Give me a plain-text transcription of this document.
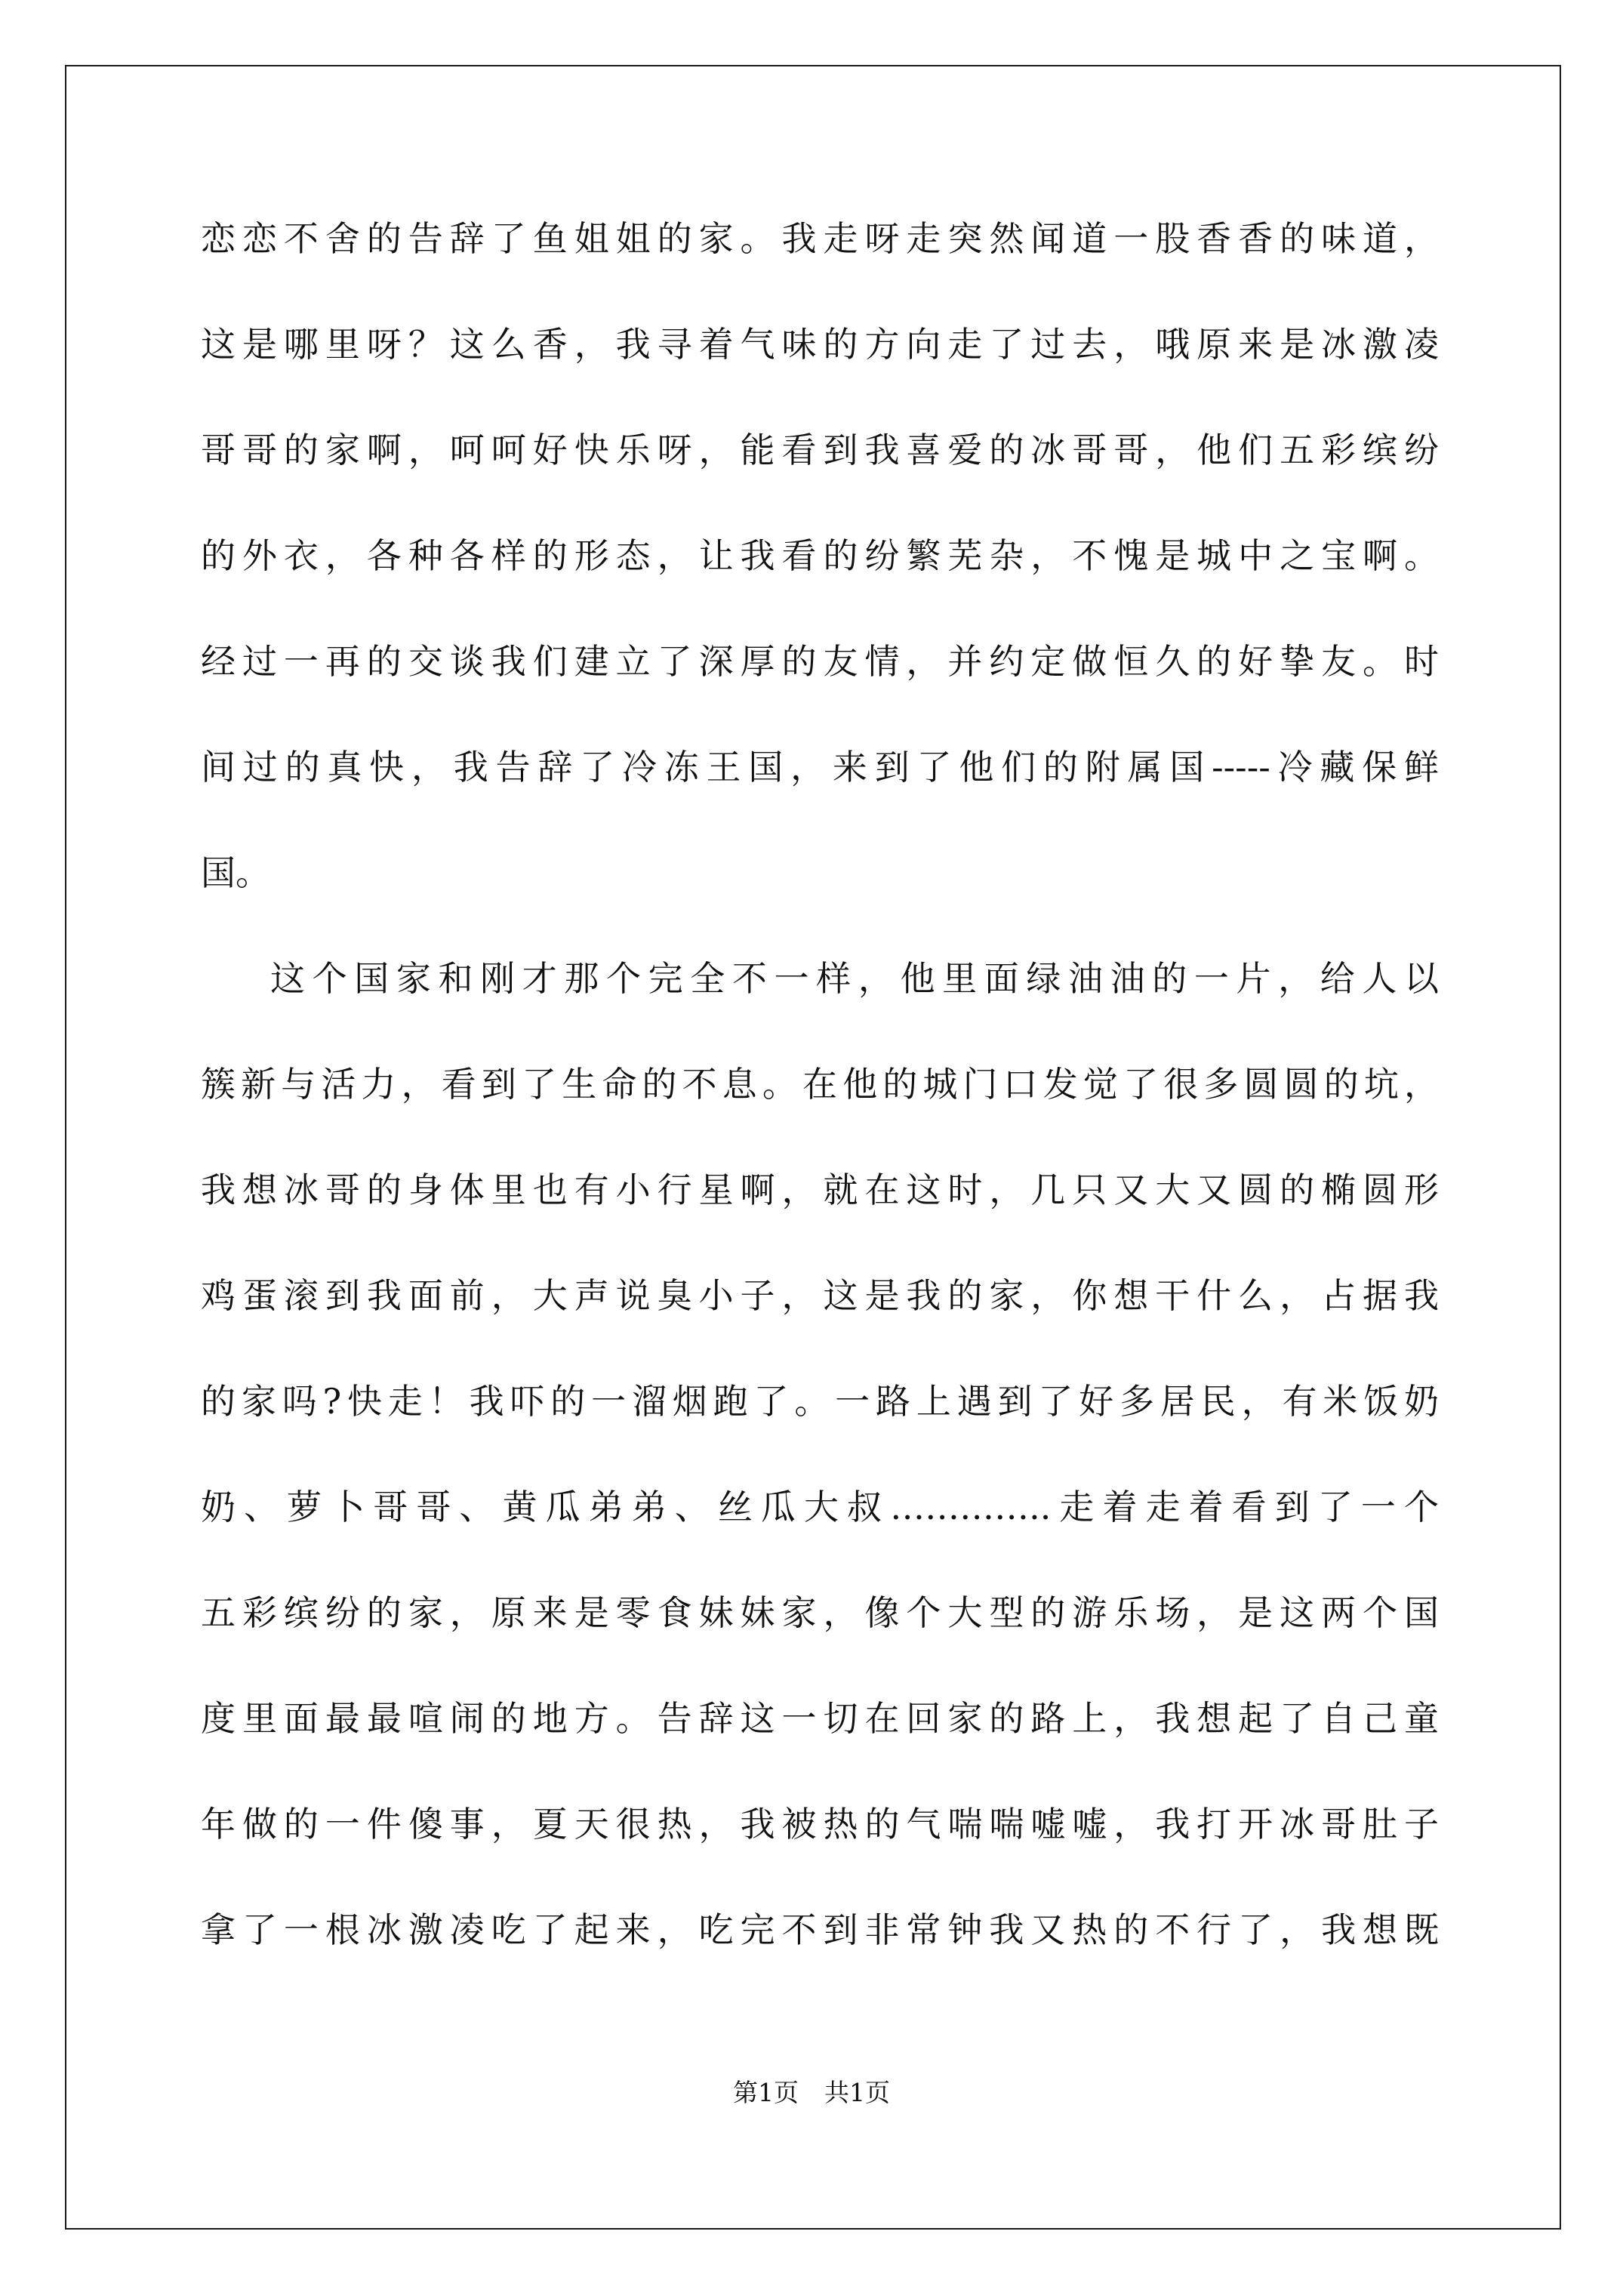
恋恋不舍的告辞了鱼姐姐的家。我走呀走突然闻道一股香香的味道，
这是哪里呀？这么香，我寻着气味的方向走了过去，哦原来是冰激凌
哥哥的家啊，呵呵好快乐呀，能看到我喜爱的冰哥哥，他们五彩缤纷
的外衣，各种各样的形态，让我看的纷繁芜杂，不愧是城中之宝啊。
经过一再的交谈我们建立了深厚的友情，并约定做恒久的好挚友。时
间过的真快，我告辞了冷冻王国，来到了他们的附属国-----冷藏保鲜
国。
这个国家和刚才那个完全不一样，他里面绿油油的一片，给人以
簇新与活力，看到了生命的不息。在他的城门口发觉了很多圆圆的坑，
我想冰哥的身体里也有小行星啊，就在这时，几只又大又圆的椭圆形
鸡蛋滚到我面前，大声说臭小子，这是我的家，你想干什么，占据我
的家吗?快走！我吓的一溜烟跑了。一路上遇到了好多居民，有米饭奶
奶、萝卜哥哥、黄瓜弟弟、丝瓜大叔…………..走着走着看到了一个
五彩缤纷的家，原来是零食妹妹家，像个大型的游乐场，是这两个国
度里面最最喧闹的地方。告辞这一切在回家的路上，我想起了自己童
年做的一件傻事，夏天很热，我被热的气喘喘嘘嘘，我打开冰哥肚子
拿了一根冰激凌吃了起来，吃完不到非常钟我又热的不行了，我想既
第1页 共1页
